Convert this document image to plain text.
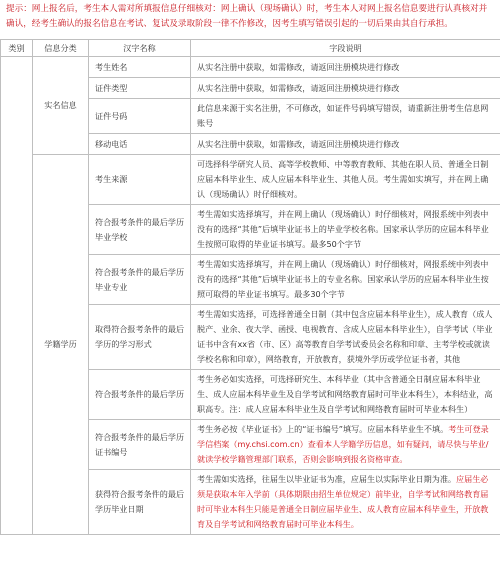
提示：网上报名后，考生本人需对所填报信息仔细核对：网上确认（现场确认）时，考生本人对网上报名信息要进行认真核对并确认，经考生确认的报名信息在考试、复试及录取阶段一律不作修改，因考生填写错误引起的一切后果由其自行承担。
类别	信息分类	汉字名称	字段说明
	实名信息	考生姓名	从实名注册中获取，如需修改，请返回注册模块进行修改
		证件类型	从实名注册中获取，如需修改，请返回注册模块进行修改
		证件号码	此信息来源于实名注册，不可修改，如证件号码填写错误，请重新注册考生信息网账号
		移动电话	从实名注册中获取，如需修改，请返回注册模块进行修改
	学籍学历	考生来源	可选择科学研究人员、高等学校教师、中等教育教师、其他在职人员、普通全日制应届本科毕业生、成人应届本科毕业生、其他人员。考生需如实填写，并在网上确认（现场确认）时仔细核对。
		符合报考条件的最后学历毕业学校	考生需如实选择填写，并在网上确认（现场确认）时仔细核对，网报系统中列表中没有的选择“其他”后填毕业证书上的毕业学校名称。国家承认学历的应届本科毕业生按照可取得的毕业证书填写。最多50个字节
		符合报考条件的最后学历毕业专业	考生需如实选择填写，并在网上确认（现场确认）时仔细核对，网报系统中列表中没有的选择“其他”后填毕业证书上的专业名称。国家承认学历的应届本科毕业生按照可取得的毕业证书填写。最多30个字节
		取得符合报考条件的最后学历的学习形式	考生需如实选择，可选择普通全日制（其中包含应届本科毕业生），成人教育（成人脱产、业余、夜大学、函授、电视教育、含成人应届本科毕业生），自学考试（毕业证书中含有xx省（市、区）高等教育自学考试委员会名称和印章、主考学校或就读学校名称和印章），网络教育，开放教育，获境外学历或学位证书者，其他
		符合报考条件的最后学历	考生务必如实选择，可选择研究生、本科毕业（其中含普通全日制应届本科毕业生、成人应届本科毕业生及自学考试和网络教育届时可毕业本科生），本科结业，高职高专。注：成人应届本科毕业生及自学考试和网络教育届时可毕业本科生）
		符合报考条件的最后学历证书编号	考生务必按《毕业证书》上的“证书编号”填写。应届本科毕业生不填。考生可登录学信档案（my.chsi.com.cn）查看本人学籍学历信息，如有疑问，请尽快与毕业/就读学校学籍管理部门联系，否则会影响到报名资格审查。
		获得符合报考条件的最后学历毕业日期	考生需如实选择，往届生以毕业证书为准，应届生以实际毕业日期为准。应届生必须是获取本年入学前（具体期限由招生单位规定）前毕业，自学考试和网络教育届时可毕业本科生只能是普通全日制应届毕业生、成人教育应届本科毕业生，开放教育及自学考试和网络教育届时可毕业本科生。
